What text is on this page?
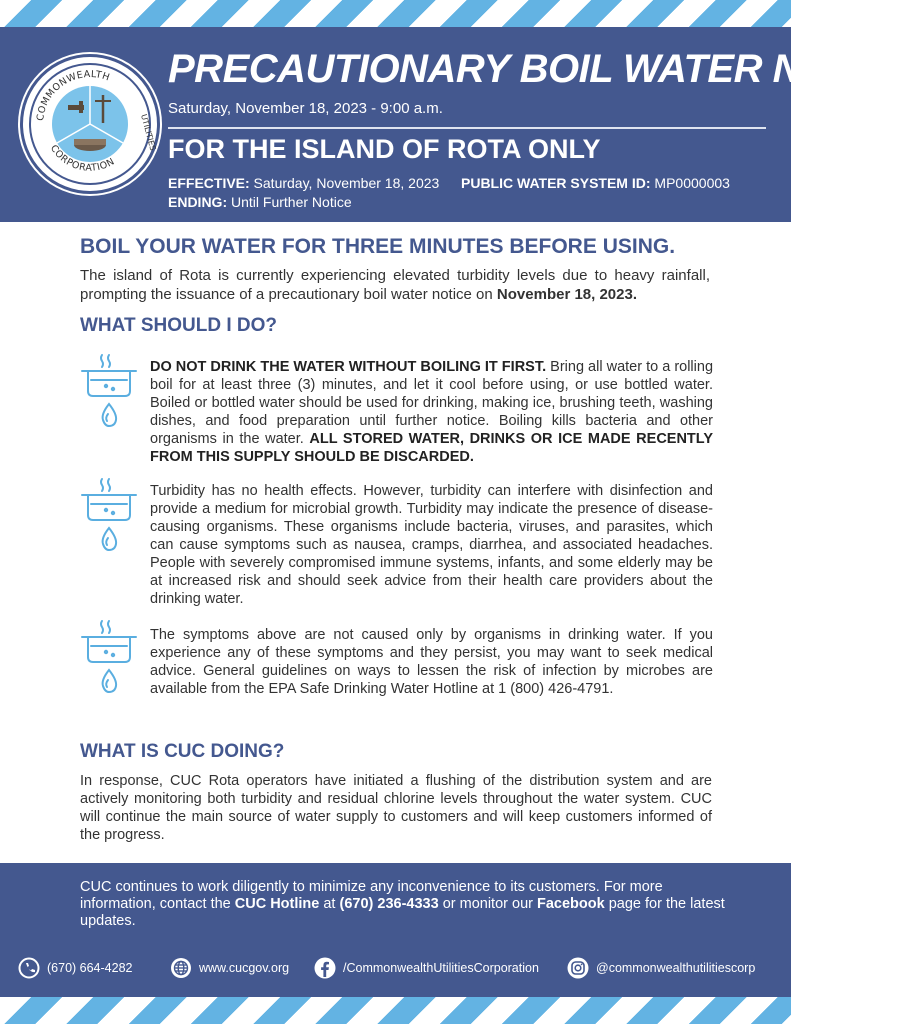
COMMONWEALTH
CORPORATION
UTILITIES
PRECAUTIONARY BOIL WATER NOTICE
Saturday, November 18, 2023 - 9:00 a.m.
FOR THE ISLAND OF ROTA ONLY
EFFECTIVE: Saturday, November 18, 2023 PUBLIC WATER SYSTEM ID: MP0000003
ENDING: Until Further Notice
BOIL YOUR WATER FOR THREE MINUTES BEFORE USING.
The island of Rota is currently experiencing elevated turbidity levels due to heavy rainfall, prompting the issuance of a precautionary boil water notice on November 18, 2023.
WHAT SHOULD I DO?
DO NOT DRINK THE WATER WITHOUT BOILING IT FIRST. Bring all water to a rolling boil for at least three (3) minutes, and let it cool before using, or use bottled water. Boiled or bottled water should be used for drinking, making ice, brushing teeth, washing dishes, and food preparation until further notice. Boiling kills bacteria and other organisms in the water. ALL STORED WATER, DRINKS OR ICE MADE RECENTLY FROM THIS SUPPLY SHOULD BE DISCARDED.
Turbidity has no health effects. However, turbidity can interfere with disinfection and provide a medium for microbial growth. Turbidity may indicate the presence of disease-causing organisms. These organisms include bacteria, viruses, and parasites, which can cause symptoms such as nausea, cramps, diarrhea, and associated headaches. People with severely compromised immune systems, infants, and some elderly may be at increased risk and should seek advice from their health care providers about the drinking water.
The symptoms above are not caused only by organisms in drinking water. If you experience any of these symptoms and they persist, you may want to seek medical advice. General guidelines on ways to lessen the risk of infection by microbes are available from the EPA Safe Drinking Water Hotline at 1 (800) 426-4791.
WHAT IS CUC DOING?
In response, CUC Rota operators have initiated a flushing of the distribution system and are actively monitoring both turbidity and residual chlorine levels throughout the water system. CUC will continue the main source of water supply to customers and will keep customers informed of the progress.
CUC continues to work diligently to minimize any inconvenience to its customers. For more information, contact the CUC Hotline at (670) 236-4333 or monitor our Facebook page for the latest updates.
(670) 664-4282	www.cucgov.org	/CommonwealthUtilitiesCorporation	@commonwealthutilitiescorp
